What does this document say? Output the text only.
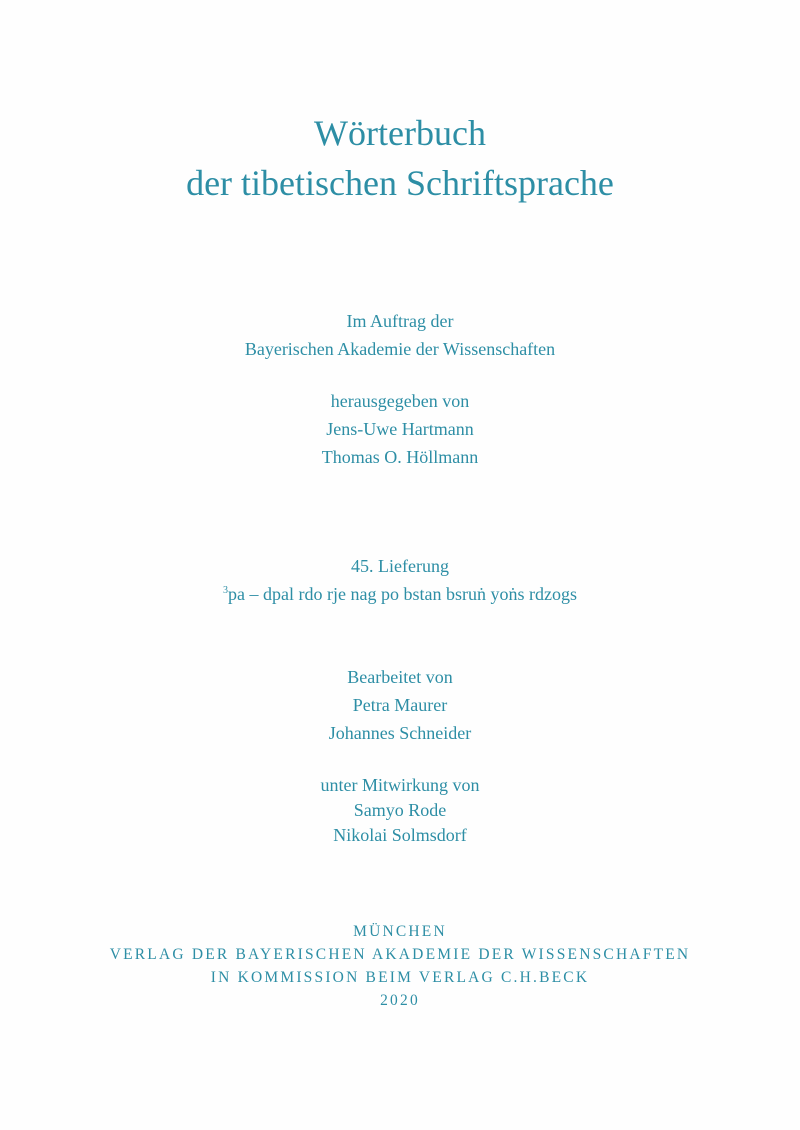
Wörterbuch
der tibetischen Schriftsprache
Im Auftrag der
Bayerischen Akademie der Wissenschaften
herausgegeben von
Jens-Uwe Hartmann
Thomas O. Höllmann
45. Lieferung
$^3$pa – dpal rdo rje nag po bstan bsruṅ yoṅs rdzogs
Bearbeitet von
Petra Maurer
Johannes Schneider
unter Mitwirkung von
Samyo Rode
Nikolai Solmsdorf
MÜNCHEN
VERLAG DER BAYERISCHEN AKADEMIE DER WISSENSCHAFTEN
IN KOMMISSION BEIM VERLAG C.H.BECK
2020
